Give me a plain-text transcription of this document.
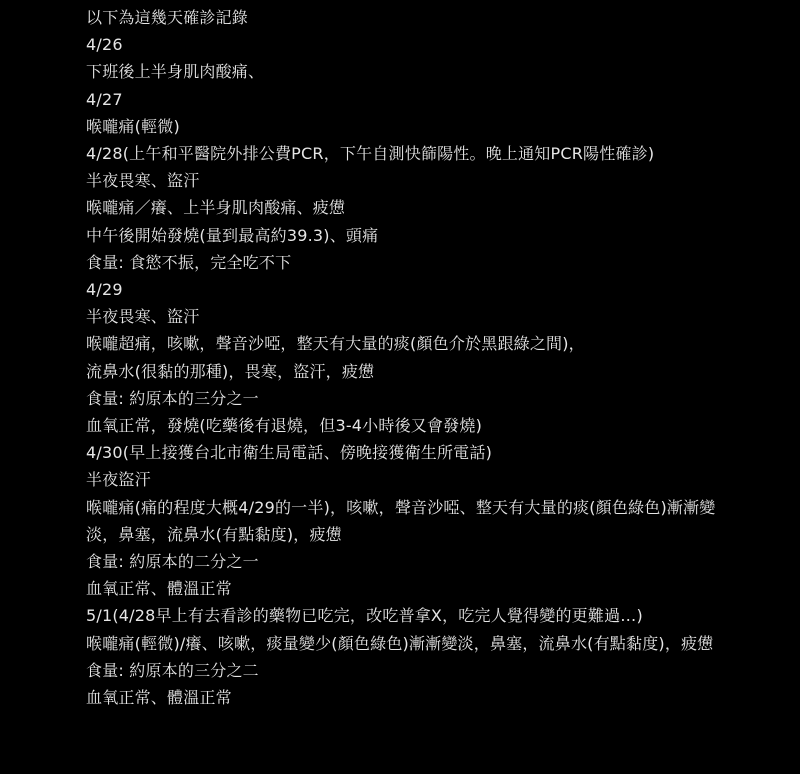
以下為這幾天確診記錄
4/26
下班後上半身肌肉酸痛、
4/27
喉嚨痛(輕微)
4/28(上午和平醫院外排公費PCR，下午自測快篩陽性。晚上通知PCR陽性確診)
半夜畏寒、盜汗
喉嚨痛／癢、上半身肌肉酸痛、疲憊
中午後開始發燒(量到最高約39.3)、頭痛
食量: 食慾不振，完全吃不下
4/29
半夜畏寒、盜汗
喉嚨超痛，咳嗽，聲音沙啞，整天有大量的痰(顏色介於黑跟綠之間)，
流鼻水(很黏的那種)，畏寒，盜汗，疲憊
食量: 約原本的三分之一
血氧正常，發燒(吃藥後有退燒，但3-4小時後又會發燒)
4/30(早上接獲台北市衛生局電話、傍晚接獲衛生所電話)
半夜盜汗
喉嚨痛(痛的程度大概4/29的一半)，咳嗽，聲音沙啞、整天有大量的痰(顏色綠色)漸漸變
淡，鼻塞，流鼻水(有點黏度)，疲憊
食量: 約原本的二分之一
血氧正常、體溫正常
5/1(4/28早上有去看診的藥物已吃完，改吃普拿X，吃完人覺得變的更難過…)
喉嚨痛(輕微)/癢、咳嗽，痰量變少(顏色綠色)漸漸變淡，鼻塞，流鼻水(有點黏度)，疲憊
食量: 約原本的三分之二
血氧正常、體溫正常
